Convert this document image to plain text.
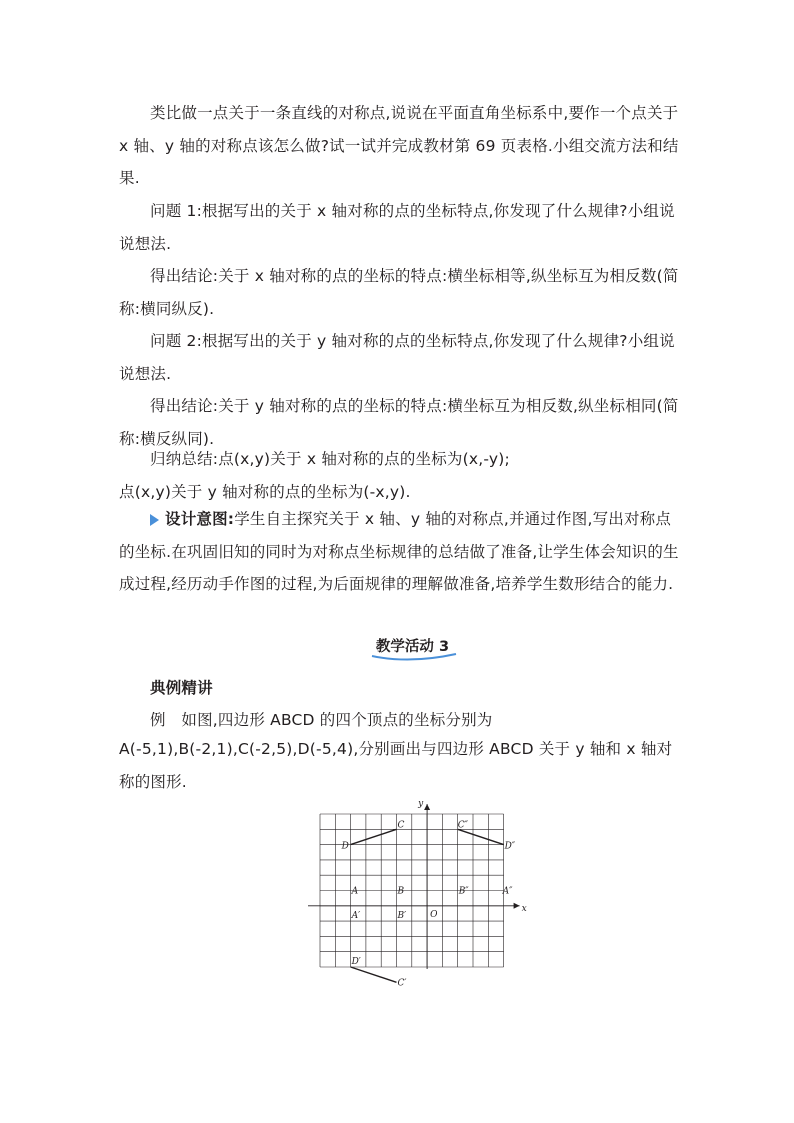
类比做一点关于一条直线的对称点,说说在平面直角坐标系中,要作一个点关于 x 轴、y 轴的对称点该怎么做?试一试并完成教材第 69 页表格.小组交流方法和结果.
问题 1:根据写出的关于 x 轴对称的点的坐标特点,你发现了什么规律?小组说说想法.
得出结论:关于 x 轴对称的点的坐标的特点:横坐标相等,纵坐标互为相反数(简称:横同纵反).
问题 2:根据写出的关于 y 轴对称的点的坐标特点,你发现了什么规律?小组说说想法.
得出结论:关于 y 轴对称的点的坐标的特点:横坐标互为相反数,纵坐标相同(简称:横反纵同).
归纳总结:点(x,y)关于 x 轴对称的点的坐标为(x,-y);
点(x,y)关于 y 轴对称的点的坐标为(-x,y).
设计意图:学生自主探究关于 x 轴、y 轴的对称点,并通过作图,写出对称点的坐标.在巩固旧知的同时为对称点坐标规律的总结做了准备,让学生体会知识的生成过程,经历动手作图的过程,为后面规律的理解做准备,培养学生数形结合的能力.
教学活动 3
典例精讲
例　如图,四边形 ABCD 的四个顶点的坐标分别为
A(-5,1),B(-2,1),C(-2,5),D(-5,4),分别画出与四边形 ABCD 关于 y 轴和 x 轴对称的图形.
x
y
O
A	B
C
D
A′	B′
C′
D′
A″
B″
C″
D″
